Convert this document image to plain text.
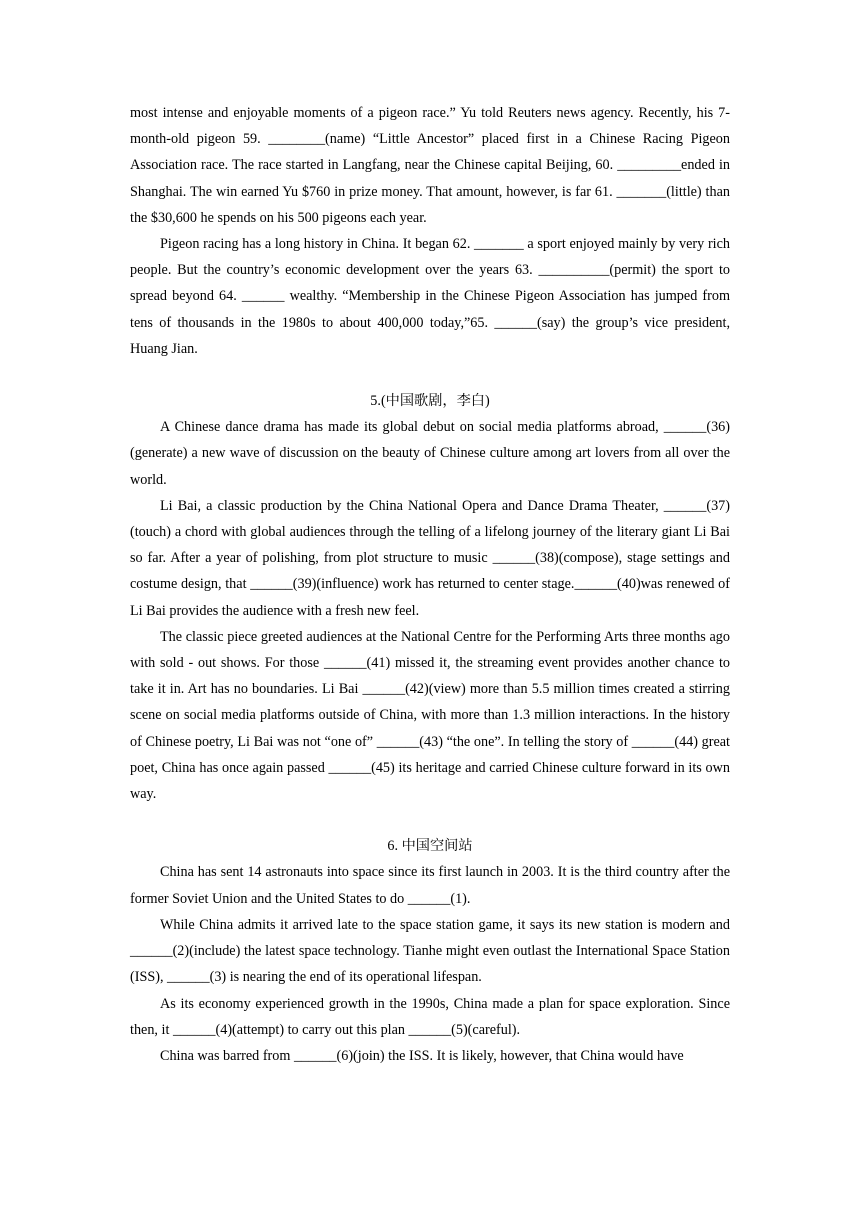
most intense and enjoyable moments of a pigeon race.” Yu told Reuters news agency. Recently, his 7-month-old pigeon 59. ________(name) “Little Ancestor” placed first in a Chinese Racing Pigeon Association race. The race started in Langfang, near the Chinese capital Beijing, 60. _________ended in Shanghai. The win earned Yu $760 in prize money. That amount, however, is far 61. _______(little) than the $30,600 he spends on his 500 pigeons each year.

Pigeon racing has a long history in China. It began 62. _______ a sport enjoyed mainly by very rich people. But the country’s economic development over the years 63. __________(permit) the sport to spread beyond 64. ______ wealthy. “Membership in the Chinese Pigeon Association has jumped from tens of thousands in the 1980s to about 400,000 today,”65. ______(say) the group’s vice president, Huang Jian.

5.(中国歌剧，李白)

A Chinese dance drama has made its global debut on social media platforms abroad, ______(36)(generate) a new wave of discussion on the beauty of Chinese culture among art lovers from all over the world.

Li Bai, a classic production by the China National Opera and Dance Drama Theater, ______(37)(touch) a chord with global audiences through the telling of a lifelong journey of the literary giant Li Bai so far. After a year of polishing, from plot structure to music ______(38)(compose), stage settings and costume design, that ______(39)(influence) work has returned to center stage.______(40)was renewed of Li Bai provides the audience with a fresh new feel.

The classic piece greeted audiences at the National Centre for the Performing Arts three months ago with sold - out shows. For those ______(41) missed it, the streaming event provides another chance to take it in. Art has no boundaries. Li Bai ______(42)(view) more than 5.5 million times created a stirring scene on social media platforms outside of China, with more than 1.3 million interactions. In the history of Chinese poetry, Li Bai was not “one of” ______(43) “the one”. In telling the story of ______(44) great poet, China has once again passed ______(45) its heritage and carried Chinese culture forward in its own way.

6. 中国空间站

China has sent 14 astronauts into space since its first launch in 2003. It is the third country after the former Soviet Union and the United States to do ______(1).

While China admits it arrived late to the space station game, it says its new station is modern and ______(2)(include) the latest space technology. Tianhe might even outlast the International Space Station (ISS), ______(3) is nearing the end of its operational lifespan.

As its economy experienced growth in the 1990s, China made a plan for space exploration. Since then, it ______(4)(attempt) to carry out this plan ______(5)(careful).

China was barred from ______(6)(join) the ISS. It is likely, however, that China would have
